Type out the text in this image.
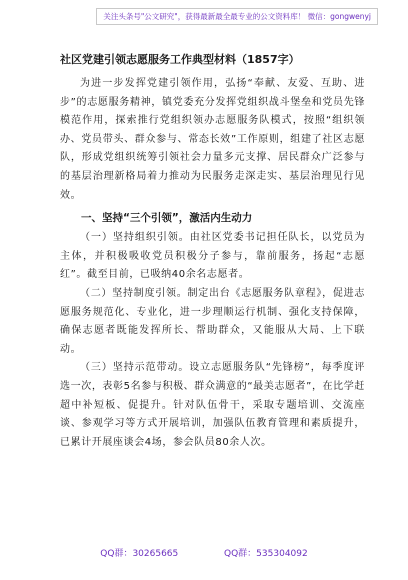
关注头条号"公文研究"，获得最新最全最专业的公文资料库！ 微信：gongwenyj
社区党建引领志愿服务工作典型材料（1857字）

为进一步发挥党建引领作用，弘扬“奉献、友爱、互助、进步”的志愿服务精神，镇党委充分发挥党组织战斗堡垒和党员先锋模范作用，探索推行党组织领办志愿服务队模式，按照“组织领办、党员带头、群众参与、常态长效”工作原则，组建了社区志愿队，形成党组织统筹引领社会力量多元支撑、居民群众广泛参与的基层治理新格局着力推动为民服务走深走实、基层治理见行见效。

一、坚持“三个引领”，激活内生动力

（一）坚持组织引领。由社区党委书记担任队长，以党员为主体，并积极吸收党员积极分子参与，靠前服务，扬起“志愿红”。截至目前，已吸纳40余名志愿者。

（二）坚持制度引领。制定出台《志愿服务队章程》，促进志愿服务规范化、专业化，进一步理顺运行机制、强化支持保障，确保志愿者既能发挥所长、帮助群众，又能服从大局、上下联动。

（三）坚持示范带动。设立志愿服务队“先锋榜”，每季度评选一次，表彰5名参与积极、群众满意的“最美志愿者”，在比学赶超中补短板、促提升。针对队伍骨干，采取专题培训、交流座谈、参观学习等方式开展培训，加强队伍教育管理和素质提升，已累计开展座谈会4场，参会队员80余人次。

QQ群：30265665	QQ群：535304092
